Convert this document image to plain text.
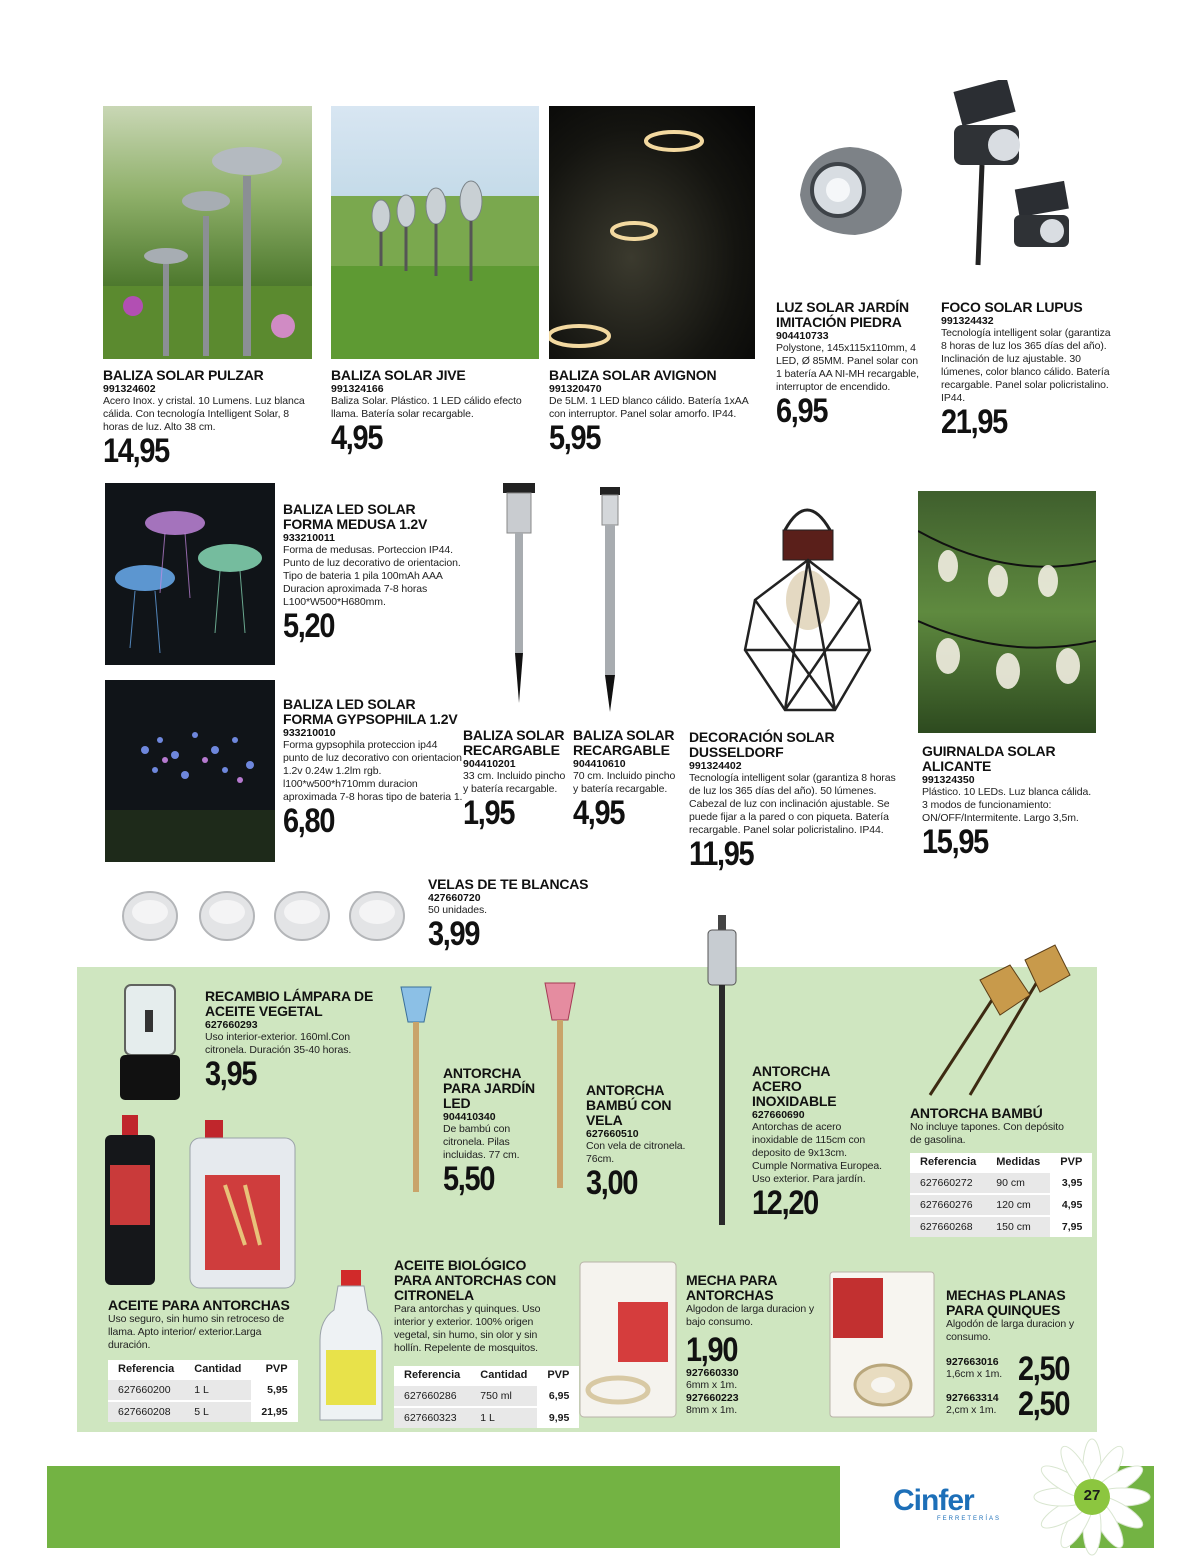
BALIZA SOLAR PULZAR
991324602
Acero Inox. y cristal. 10 Lumens. Luz blanca cálida. Con tecnología Intelligent Solar, 8 horas de luz. Alto 38 cm.
14,95
BALIZA SOLAR JIVE
991324166
Baliza Solar. Plástico. 1 LED cálido efecto llama. Batería solar recargable.
4,95
BALIZA SOLAR AVIGNON
991320470
De 5LM. 1 LED blanco cálido. Batería 1xAA con interruptor. Panel solar amorfo. IP44.
5,95
LUZ SOLAR JARDÍN IMITACIÓN PIEDRA
904410733
Polystone, 145x115x110mm, 4 LED, Ø 85MM. Panel solar con 1 batería AA NI-MH recargable, interruptor de encendido.
6,95
FOCO SOLAR LUPUS
991324432
Tecnología intelligent solar (garantiza 8 horas de luz los 365 días del año). Inclinación de luz ajustable. 30 lúmenes, color blanco cálido. Batería recargable. Panel solar policristalino. IP44.
21,95
BALIZA LED SOLAR FORMA MEDUSA 1.2V
933210011
Forma de medusas. Porteccion IP44. Punto de luz decorativo de orientacion. Tipo de bateria 1 pila 100mAh AAA Duracion aproximada 7-8 horas L100*W500*H680mm.
5,20
BALIZA LED SOLAR FORMA GYPSOPHILA 1.2V
933210010
Forma gypsophila proteccion ip44 punto de luz decorativo con orientacion 1.2v 0.24w 1.2lm rgb. l100*w500*h710mm duracion aproximada 7-8 horas tipo de bateria 1.
6,80
BALIZA SOLAR RECARGABLE
904410201
33 cm. Incluido pincho y batería recargable.
1,95
BALIZA SOLAR RECARGABLE
904410610
70 cm. Incluido pincho y batería recargable.
4,95
DECORACIÓN SOLAR DUSSELDORF
991324402
Tecnología intelligent solar (garantiza 8 horas de luz los 365 días del año). 50 lúmenes. Cabezal de luz con inclinación ajustable. Se puede fijar a la pared o con piqueta. Batería recargable. Panel solar policristalino. IP44.
11,95
GUIRNALDA SOLAR ALICANTE
991324350
Plástico. 10 LEDs. Luz blanca cálida. 3 modos de funcionamiento: ON/OFF/Intermitente. Largo 3,5m.
15,95
VELAS DE TE BLANCAS
427660720
50 unidades.
3,99
RECAMBIO LÁMPARA DE ACEITE VEGETAL
627660293
Uso interior-exterior. 160ml.Con citronela. Duración 35-40 horas.
3,95	ANTORCHA PARA JARDÍN LED
904410340
De bambú con citronela. Pilas incluidas. 77 cm.
5,50
ANTORCHA BAMBÚ CON VELA
627660510
Con vela de citronela. 76cm.
3,00
ANTORCHA ACERO INOXIDABLE
627660690
Antorchas de acero inoxidable de 115cm con deposito de 9x13cm. Cumple Normativa Europea. Uso exterior. Para jardín.
12,20
ANTORCHA BAMBÚ
No incluye tapones. Con depósito de gasolina.
Referencia	Medidas	PVP
627660272	90 cm	3,95
627660276	120 cm	4,95
627660268	150 cm	7,95
ACEITE PARA ANTORCHAS
Uso seguro, sin humo sin retroceso de llama. Apto interior/ exterior.Larga duración.
Referencia	Cantidad	PVP
627660200	1 L	5,95
627660208	5 L	21,95
ACEITE BIOLÓGICO PARA ANTORCHAS CON CITRONELA
Para antorchas y quinques. Uso interior y exterior. 100% origen vegetal, sin humo, sin olor y sin hollín. Repelente de mosquitos.
Referencia	Cantidad	PVP
627660286	750 ml	6,95
627660323	1 L	9,95
MECHA PARA ANTORCHAS
Algodon de larga duracion y bajo consumo.
1,90
927660330
6mm x 1m.
927660223
8mm x 1m.
MECHAS PLANAS PARA QUINQUES
Algodón de larga duracion y consumo.
927663016
1,6cm x 1m. 2,50
927663314
2,cm x 1m. 2,50
Cinfer
FERRETERÍAS
27
